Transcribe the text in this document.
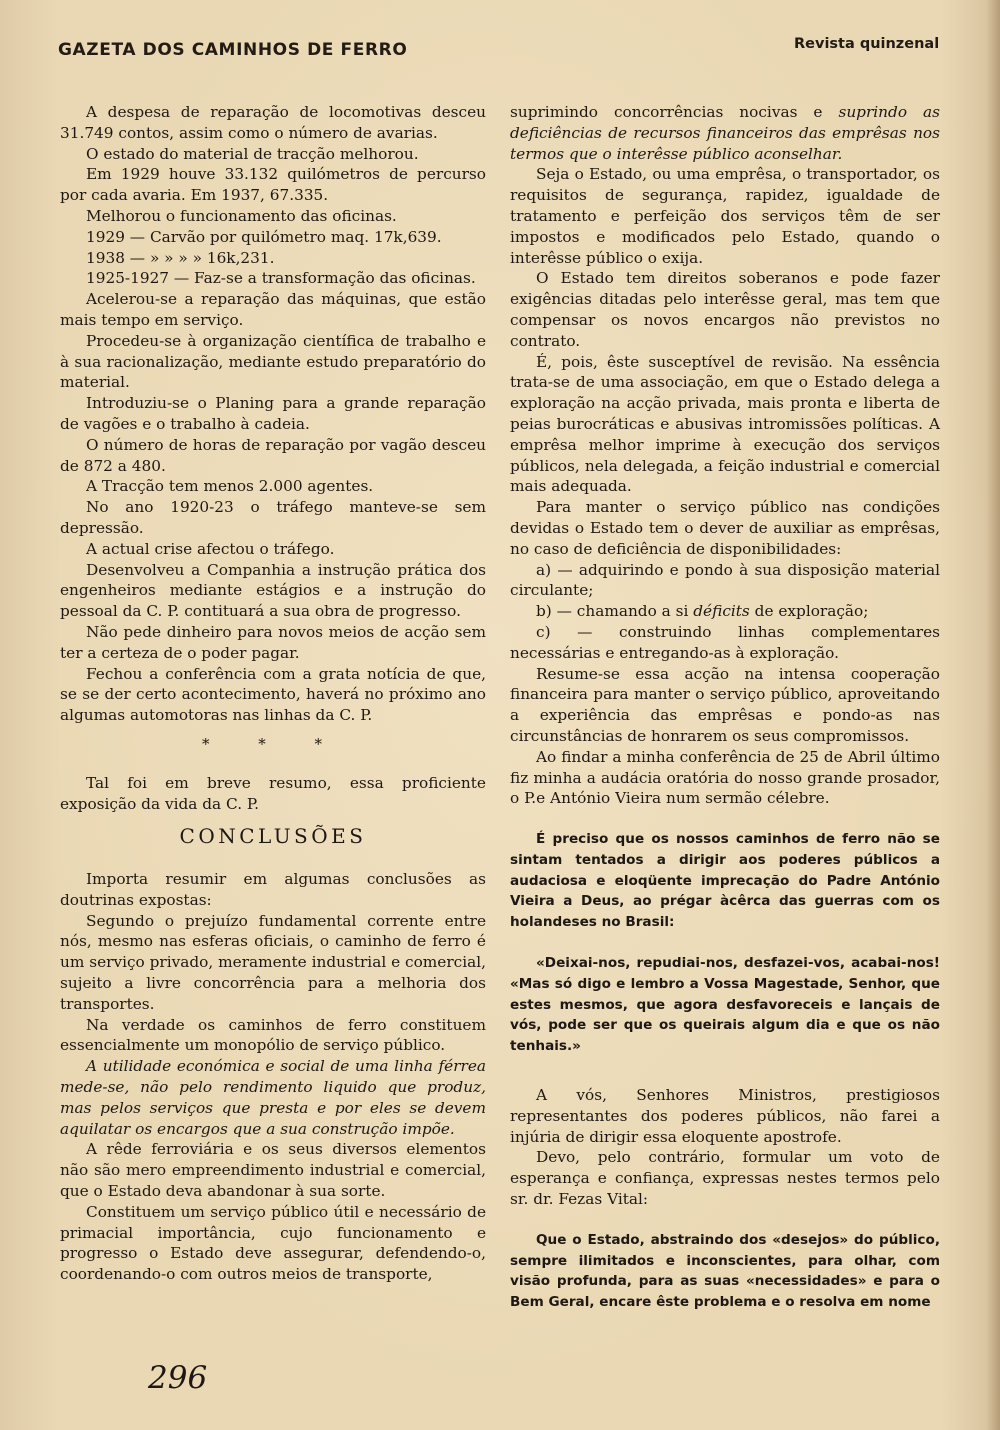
GAZETA DOS CAMINHOS DE FERRO	Revista quinzenal

A despesa de reparação de locomotivas desceu 31.749 contos, assim como o número de avarias.

O estado do material de tracção melhorou.

Em 1929 houve 33.132 quilómetros de percurso por cada avaria. Em 1937, 67.335.

Melhorou o funcionamento das oficinas.

1929 — Carvão por quilómetro maq. 17k,639.

1938 — » » » » 16k,231.

1925-1927 — Faz-se a transformação das oficinas.

Acelerou-se a reparação das máquinas, que estão mais tempo em serviço.

Procedeu-se à organização científica de trabalho e à sua racionalização, mediante estudo preparatório do material.

Introduziu-se o Planing para a grande reparação de vagões e o trabalho à cadeia.

O número de horas de reparação por vagão desceu de 872 a 480.

A Tracção tem menos 2.000 agentes.

No ano 1920-23 o tráfego manteve-se sem depressão.

A actual crise afectou o tráfego.

Desenvolveu a Companhia a instrução prática dos engenheiros mediante estágios e a instrução do pessoal da C. P. contituará a sua obra de progresso.

Não pede dinheiro para novos meios de acção sem ter a certeza de o poder pagar.

Fechou a conferência com a grata notícia de que, se se der certo acontecimento, haverá no próximo ano algumas automotoras nas linhas da C. P.

* * *

Tal foi em breve resumo, essa proficiente exposição da vida da C. P.

CONCLUSÕES

Importa resumir em algumas conclusões as doutrinas expostas:

Segundo o prejuízo fundamental corrente entre nós, mesmo nas esferas oficiais, o caminho de ferro é um serviço privado, meramente industrial e comercial, sujeito a livre concorrência para a melhoria dos transportes.

Na verdade os caminhos de ferro constituem essencialmente um monopólio de serviço público.

A utilidade económica e social de uma linha férrea mede-se, não pelo rendimento liquido que produz, mas pelos serviços que presta e por eles se devem aquilatar os encargos que a sua construção impõe.

A rêde ferroviária e os seus diversos elementos não são mero empreendimento industrial e comercial, que o Estado deva abandonar à sua sorte.

Constituem um serviço público útil e necessário de primacial importância, cujo funcionamento e progresso o Estado deve assegurar, defendendo-o, coordenando-o com outros meios de transporte,

suprimindo concorrências nocivas e suprindo as deficiências de recursos financeiros das emprêsas nos termos que o interêsse público aconselhar.

Seja o Estado, ou uma emprêsa, o transportador, os requisitos de segurança, rapidez, igualdade de tratamento e perfeição dos serviços têm de ser impostos e modificados pelo Estado, quando o interêsse público o exija.

O Estado tem direitos soberanos e pode fazer exigências ditadas pelo interêsse geral, mas tem que compensar os novos encargos não previstos no contrato.

É, pois, êste susceptível de revisão. Na essência trata-se de uma associação, em que o Estado delega a exploração na acção privada, mais pronta e liberta de peias burocráticas e abusivas intromissões políticas. A emprêsa melhor imprime à execução dos serviços públicos, nela delegada, a feição industrial e comercial mais adequada.

Para manter o serviço público nas condições devidas o Estado tem o dever de auxiliar as emprêsas, no caso de deficiência de disponibilidades:

a) — adquirindo e pondo à sua disposição material circulante;

b) — chamando a si déficits de exploração;

c) — construindo linhas complementares necessárias e entregando-as à exploração.

Resume-se essa acção na intensa cooperação financeira para manter o serviço público, aproveitando a experiência das emprêsas e pondo-as nas circunstâncias de honrarem os seus compromissos.

Ao findar a minha conferência de 25 de Abril último fiz minha a audácia oratória do nosso grande prosador, o P.e António Vieira num sermão célebre.

É preciso que os nossos caminhos de ferro não se sintam tentados a dirigir aos poderes públicos a audaciosa e eloqüente imprecação do Padre António Vieira a Deus, ao prégar àcêrca das guerras com os holandeses no Brasil:

«Deixai-nos, repudiai-nos, desfazei-vos, acabai-nos! «Mas só digo e lembro a Vossa Magestade, Senhor, que estes mesmos, que agora desfavoreceis e lançais de vós, pode ser que os queirais algum dia e que os não tenhais.»

A vós, Senhores Ministros, prestigiosos representantes dos poderes públicos, não farei a injúria de dirigir essa eloquente apostrofe.

Devo, pelo contrário, formular um voto de esperança e confiança, expressas nestes termos pelo sr. dr. Fezas Vital:

Que o Estado, abstraindo dos «desejos» do público, sempre ilimitados e inconscientes, para olhar, com visão profunda, para as suas «necessidades» e para o Bem Geral, encare êste problema e o resolva em nome

296
